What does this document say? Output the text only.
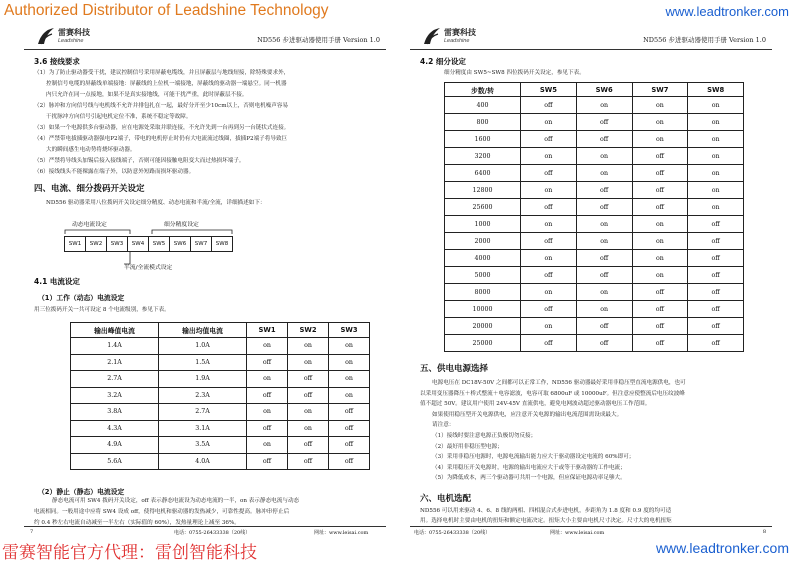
Authorized Distributor of Leadshine Technology	www.leadtronker.com
雷赛科技
Leadshine	ND556 步进驱动器使用手册 Version 1.0
3.6 接线要求
（1）为了防止驱动器受干扰，建议控制信号采用屏蔽电缆线，并且屏蔽层与地线短接，除特殊要求外，
控制信号电缆的屏蔽线单端接地：屏蔽线的上位机一端接地，屏蔽线的驱动器一端悬空。同一机器
内只允许在同一点接地，如果不是真实接地线，可能干扰严重，此时屏蔽层不接。
（2）脉冲和方向信号线与电机线不允许并排包扎在一起，最好分开至少10cm以上，否则电机噪声容易
干扰脉冲方向信号引起电机定位不准，系统不稳定等故障。
（3）如果一个电源供多台驱动器，应在电源处采取并联连接，不允许先到一台再到另一台链状式连接。
（4）严禁带电拔插驱动器强电P2端子，带电的电机停止时仍有大电流流过线圈，拔插P2端子将导致巨
大的瞬间感生电动势将烧坏驱动器。
（5）严禁将导线头加锡后接入接线端子，否则可能因接触电阻变大而过热损坏端子。
（6）接线线头不能裸露在端子外，以防意外短路而损坏驱动器。
四、电流、细分拨码开关设定
ND556 驱动器采用八位拨码开关设定细分精度、动态电流和半流/全流，详细描述如下：
动态电流设定	细分精度设定
SW1	SW2	SW3	SW4	SW5	SW6	SW7	SW8
半流/全流模式设定
4.1 电流设定
（1）工作（动态）电流设定
用三位拨码开关一共可设定 8 个电流级别，参见下表。
输出峰值电流	输出均值电流	SW1	SW2	SW3
1.4A	1.0A	on	on	on
2.1A	1.5A	off	on	on
2.7A	1.9A	on	off	on
3.2A	2.3A	off	off	on
3.8A	2.7A	on	on	off
4.3A	3.1A	off	on	off
4.9A	3.5A	on	off	off
5.6A	4.0A	off	off	off
（2）静止（静态）电流设定
静态电流可用 SW4 拨码开关设定，off 表示静态电流设为动态电流的一半，on 表示静态电流与动态
电流相同。一般用途中应将 SW4 设成 off，使得电机和驱动器的发热减少，可靠性提高。脉冲串停止后
约 0.4 秒左右电流自动减至一半左右（实际值的 60%），发热量理论上减至 36%。
电话：0755-26433338（20线）	网址：www.leisai.com
7
雷赛科技
Leadshine	ND556 步进驱动器使用手册 Version 1.0
4.2 细分设定
细分精度由 SW5~SW8 四位拨码开关设定，参见下表。
步数/转	SW5	SW6	SW7	SW8
400	off	on	on	on
800	on	off	on	on
1600	off	off	on	on
3200	on	on	off	on
6400	off	on	off	on
12800	on	off	off	on
25600	off	off	off	on
1000	on	on	on	off
2000	off	on	on	off
4000	on	off	on	off
5000	off	off	on	off
8000	on	on	off	off
10000	off	on	off	off
20000	on	off	off	off
25000	off	off	off	off
五、供电电源选择
电源电压在 DC18V-50V 之间都可以正常工作，ND556 驱动器最好采用非稳压型直流电源供电，也可
以采用变压器降压＋桥式整流＋电容滤波，电容可取 6800uF 或 10000uF。但注意应使整流后电压纹波峰
值不超过 50V。建议用户使用 24V-45V 直流供电，避免电网波动超过驱动器电压工作范围。
如果使用稳压型开关电源供电，应注意开关电源的输出电流范围需设成最大。
请注意：
（1）接线时要注意电源正负极切勿反接；
（2）最好用非稳压型电源；
（3）采用非稳压电源时，电源电流输出能力应大于驱动器设定电流的 60%即可；
（4）采用稳压开关电源时，电源的输出电流应大于或等于驱动器的工作电流；
（5）为降低成本，两三个驱动器可共用一个电源，但应保证电源功率足够大。
六、电机选配
ND556 可以用来驱动 4、6、8 线的两相、四相混合式步进电机，步距角为 1.8 度和 0.9 度的均可适
用。选择电机时主要由电机的扭矩和额定电流决定。扭矩大小主要由电机尺寸决定。尺寸大的电机扭矩
电话：0755-26433338（20线）	网址：www.leisai.com	8
雷赛智能官方代理：雷创智能科技	www.leadtronker.com
